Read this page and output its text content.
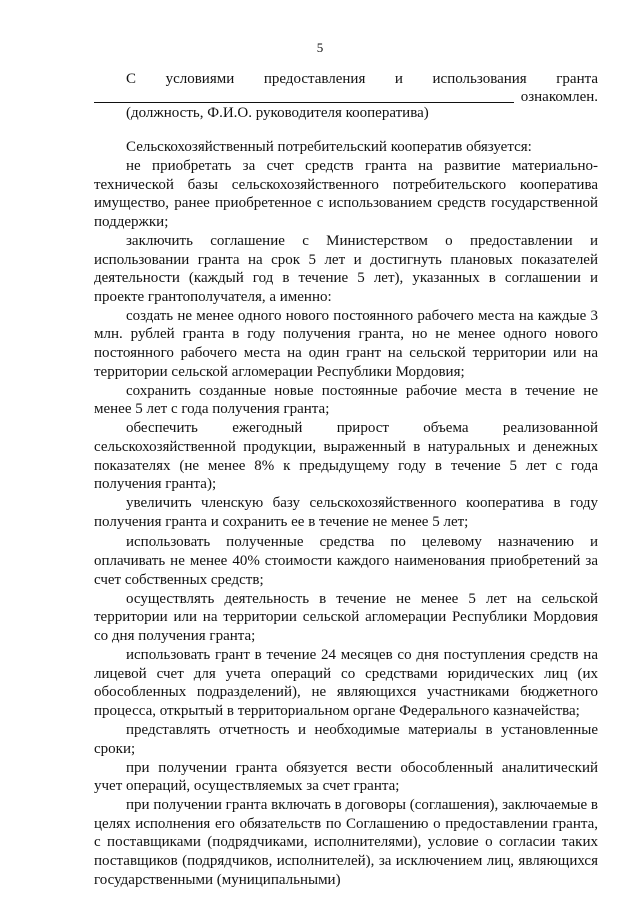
5
С условиями предоставления и использования гранта
ознакомлен.
(должность, Ф.И.О. руководителя кооператива)

Сельскохозяйственный потребительский кооператив обязуется:

не приобретать за счет средств гранта на развитие материально-технической базы сельскохозяйственного потребительского кооператива имущество, ранее приобретенное с использованием средств государственной поддержки;

заключить соглашение с Министерством о предоставлении и использовании гранта на срок 5 лет и достигнуть плановых показателей деятельности (каждый год в течение 5 лет), указанных в соглашении и проекте грантополучателя, а именно:

создать не менее одного нового постоянного рабочего места на каждые 3 млн. рублей гранта в году получения гранта, но не менее одного нового постоянного рабочего места на один грант на сельской территории или на территории сельской агломерации Республики Мордовия;

сохранить созданные новые постоянные рабочие места в течение не менее 5 лет с года получения гранта;

обеспечить ежегодный прирост объема реализованной сельскохозяйственной продукции, выраженный в натуральных и денежных показателях (не менее 8% к предыдущему году в течение 5 лет с года получения гранта);

увеличить членскую базу сельскохозяйственного кооператива в году получения гранта и сохранить ее в течение не менее 5 лет;

использовать полученные средства по целевому назначению и оплачивать не менее 40% стоимости каждого наименования приобретений за счет собственных средств;

осуществлять деятельность в течение не менее 5 лет на сельской территории или на территории сельской агломерации Республики Мордовия со дня получения гранта;

использовать грант в течение 24 месяцев со дня поступления средств на лицевой счет для учета операций со средствами юридических лиц (их обособленных подразделений), не являющихся участниками бюджетного процесса, открытый в территориальном органе Федерального казначейства;

представлять отчетность и необходимые материалы в установленные сроки;

при получении гранта обязуется вести обособленный аналитический учет операций, осуществляемых за счет гранта;

при получении гранта включать в договоры (соглашения), заключаемые в целях исполнения его обязательств по Соглашению о предоставлении гранта, с поставщиками (подрядчиками, исполнителями), условие о согласии таких поставщиков (подрядчиков, исполнителей), за исключением лиц, являющихся государственными (муниципальными)
